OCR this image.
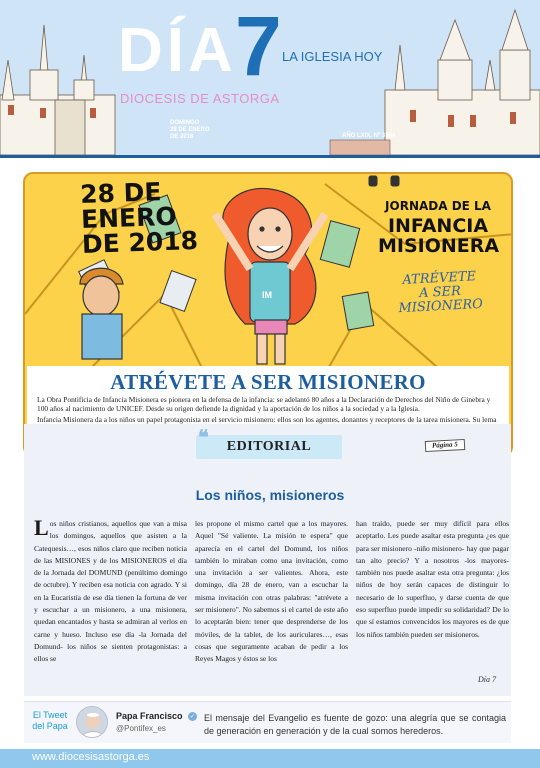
DÍA
7 LA IGLESIA HOY
DIOCESIS DE ASTORGA
DOMINGO
28 DE ENERO
DE 2018	AÑO LXIX. Nº 3584
28 DE
ENERO
DE 2018
JORNADA DE LA
INFANCIA
MISIONERA
ATRÉVETE
A SER
MISIONERO
IM
ATRÉVETE A SER MISIONERO

La Obra Pontificia de Infancia Misionera es pionera en la defensa de la infancia: se adelantó 80 años a la Declaración de Derechos del Niño de Ginebra y 100 años al nacimiento de UNICEF. Desde su origen defiende la dignidad y la aportación de los niños a la sociedad y a la Iglesia.

Infancia Misionera da a los niños un papel protagonista en el servicio misionero: ellos son los agentes, donantes y receptores de la tarea misionera. Su lema

Página 5
EDITORIAL
❝
Los niños, misioneros
Los niños cristianos, aquellos que van a misa los domingos, aquellos que asisten a la Catequesis…, esos niños claro que reciben noticia de las MISIONES y de los MISIONEROS el día de la Jornada del DOMUND (penúltimo domingo de octubre). Y reciben esa noticia con agrado. Y si en la Eucaristía de ese día tienen la fortuna de ver y escuchar a un misionero, a una misionera, quedan encantados y hasta se admiran al verlos en carne y hueso. Incluso ese día -la Jornada del Domund- los niños se sienten protagonistas: a ellos se
les propone el mismo cartel que a los mayores. Aquel "Sé valiente. La misión te espera" que aparecía en el cartel del Domund, los niños también lo miraban como una invitación, como una invitación a ser valientes. Ahora, este domingo, día 28 de enero, van a escuchar la misma invitación con otras palabras: "atrévete a ser misionero". No sabemos si el cartel de este año lo aceptarán bien: tener que desprenderse de los móviles, de la tablet, de los auriculares…, esas cosas que seguramente acaban de pedir a los Reyes Magos y éstos se los
han traído, puede ser muy difícil para ellos aceptarlo. Les puede asaltar esta pregunta ¿es que para ser misionero -niño misionero- hay que pagar tan alto precio? Y a nosotros -los mayores- también nos puede asaltar esta otra pregunta: ¿los niños de hoy serán capaces de distinguir lo necesario de lo superfluo, y darse cuenta de que eso superfluo puede impedir su solidaridad? De lo que sí estamos convencidos los mayores es de que los niños también pueden ser misioneros.
Día 7
El Tweet
del Papa
Papa Francisco	✓
@Pontifex_es
El mensaje del Evangelio es fuente de gozo: una alegría que se contagia de generación en generación y de la cual somos herederos.
www.diocesisastorga.es
